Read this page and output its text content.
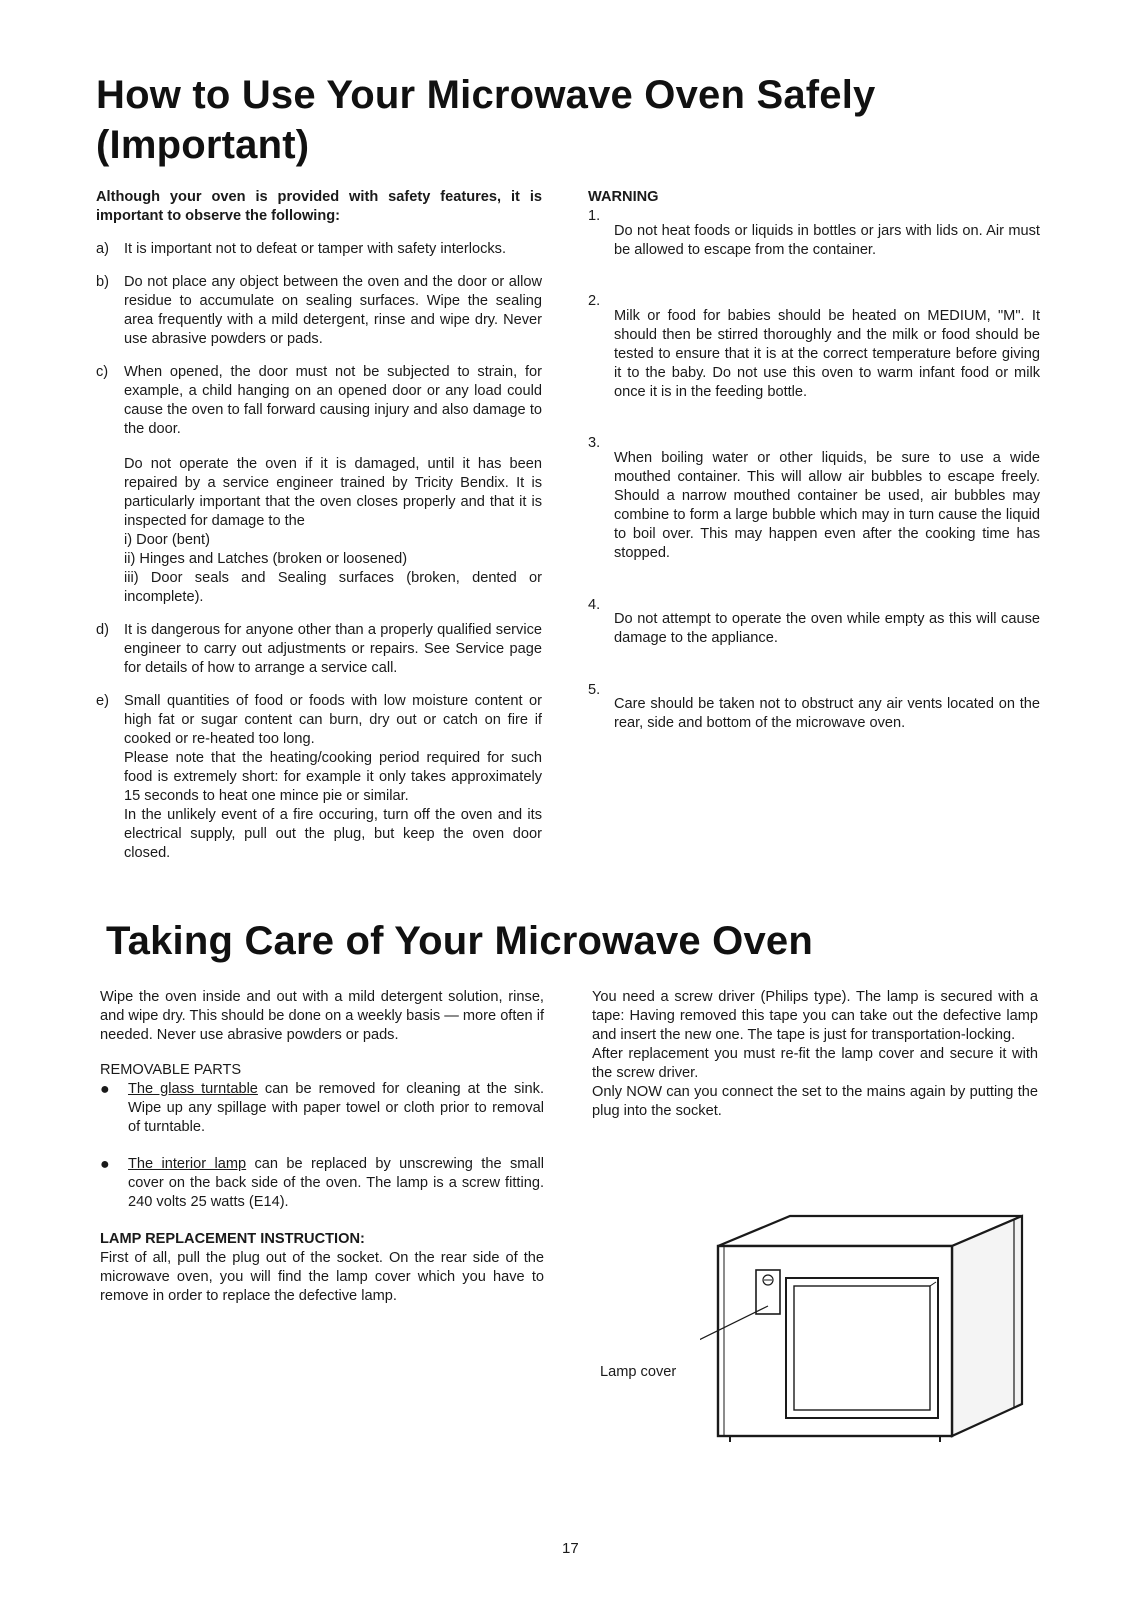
How to Use Your Microwave Oven Safely
(Important)

Although your oven is provided with safety features, it is important to observe the following:

a)	It is important not to defeat or tamper with safety interlocks.

b)	Do not place any object between the oven and the door or allow residue to accumulate on sealing surfaces. Wipe the sealing area frequently with a mild detergent, rinse and wipe dry. Never use abrasive powders or pads.

c)	When opened, the door must not be subjected to strain, for example, a child hanging on an opened door or any load could cause the oven to fall forward causing injury and also damage to the door.

Do not operate the oven if it is damaged, until it has been repaired by a service engineer trained by Tricity Bendix. It is particularly important that the oven closes properly and that it is inspected for damage to the

i) Door (bent)

ii) Hinges and Latches (broken or loosened)

iii) Door seals and Sealing surfaces (broken, dented or incomplete).

d)	It is dangerous for anyone other than a properly qualified service engineer to carry out adjustments or repairs. See Service page for details of how to arrange a service call.

e)	Small quantities of food or foods with low moisture content or high fat or sugar content can burn, dry out or catch on fire if cooked or re-heated too long.

Please note that the heating/cooking period required for such food is extremely short: for example it only takes approximately 15 seconds to heat one mince pie or similar.

In the unlikely event of a fire occuring, turn off the oven and its electrical supply, pull out the plug, but keep the oven door closed.

WARNING

1.

Do not heat foods or liquids in bottles or jars with lids on. Air must be allowed to escape from the container.

2.

Milk or food for babies should be heated on MEDIUM, "M". It should then be stirred thoroughly and the milk or food should be tested to ensure that it is at the correct temperature before giving it to the baby. Do not use this oven to warm infant food or milk once it is in the feeding bottle.

3.

When boiling water or other liquids, be sure to use a wide mouthed container. This will allow air bubbles to escape freely. Should a narrow mouthed container be used, air bubbles may combine to form a large bubble which may in turn cause the liquid to boil over. This may happen even after the cooking time has stopped.

4.

Do not attempt to operate the oven while empty as this will cause damage to the appliance.

5.

Care should be taken not to obstruct any air vents located on the rear, side and bottom of the microwave oven.

Taking Care of Your Microwave Oven

Wipe the oven inside and out with a mild detergent solution, rinse, and wipe dry. This should be done on a weekly basis — more often if needed. Never use abrasive powders or pads.

REMOVABLE PARTS

●	The glass turntable can be removed for cleaning at the sink. Wipe up any spillage with paper towel or cloth prior to removal of turntable.

●	The interior lamp can be replaced by unscrewing the small cover on the back side of the oven. The lamp is a screw fitting. 240 volts 25 watts (E14).

LAMP REPLACEMENT INSTRUCTION:

First of all, pull the plug out of the socket. On the rear side of the microwave oven, you will find the lamp cover which you have to remove in order to replace the defective lamp.

You need a screw driver (Philips type). The lamp is secured with a tape: Having removed this tape you can take out the defective lamp and insert the new one. The tape is just for transportation-locking.

After replacement you must re-fit the lamp cover and secure it with the screw driver.

Only NOW can you connect the set to the mains again by putting the plug into the socket.

Lamp cover
17
